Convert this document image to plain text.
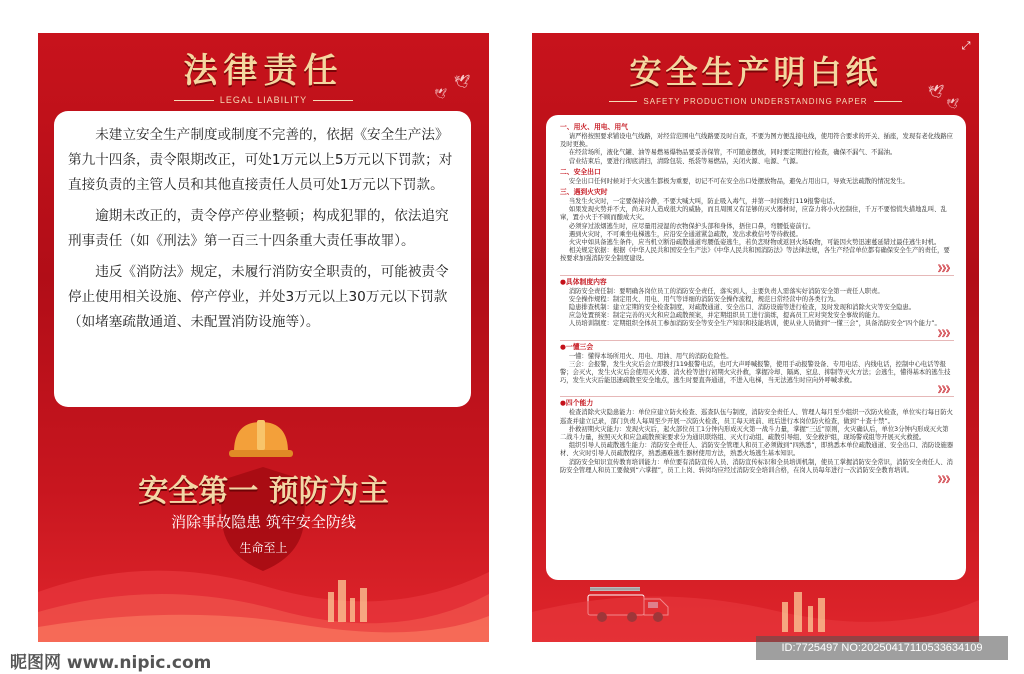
🕊
🕊
法律责任
LEGAL LIABILITY

未建立安全生产制度或制度不完善的，依据《安全生产法》第九十四条，责令限期改正，可处1万元以上5万元以下罚款；对直接负责的主管人员和其他直接责任人员可处1万元以下罚款。

逾期未改正的，责令停产停业整顿；构成犯罪的，依法追究刑事责任（如《刑法》第一百三十四条重大责任事故罪）。

违反《消防法》规定，未履行消防安全职责的，可能被责令停止使用相关设施、停产停业，并处3万元以上30万元以下罚款（如堵塞疏散通道、未配置消防设施等）。

安全第一 预防为主
消除事故隐患 筑牢安全防线
生命至上
⤢
🕊
🕊
安全生产明白纸
SAFETY PRODUCTION UNDERSTANDING PAPER
一、用火、用电、用气

请严格按照要求铺设电气线路，对经营范围电气线路要及时自查，不要为图方便乱接电线，使用符合要求的开关、插座，发现有老化线路应及时更换。

在经营场所，液化气罐、油等易燃易爆物品要妥善保管，不可随意摆放，同时要定期进行检查，确保不漏气、不漏油。

营业结束后，要进行彻底清扫，清除包装、纸袋等易燃品，关闭火源、电源、气源。

二、安全出口

安全出口任何时候对于火灾逃生都极为重要，切记不可在安全出口处摆放物品，避免占用出口，导致无法疏散的情况发生。

三、遇到火灾时

当发生火灾时，一定要保持冷静，不要大喊大叫，防止吸入毒气，并第一时间拨打119报警电话。

如果发现火势并不大，尚未对人造成很大的威胁，而且周围又有足够的灭火器材时，应奋力将小火控制住，千万不要惊慌失措地乱叫、乱窜，置小火于不顾而酿成大灾。

必须穿过浓烟逃生时，应尽量用浸湿的衣物保护头部和身体，捂住口鼻，弯腰低姿前行。

遇到火灾时，不可乘坐电梯逃生，应沿安全通道紧急疏散，发出求救信号等待救援。

火灾中如具备逃生条件，应当机立断沿疏散通道弯腰低姿逃生，若负恋财物或返回火场取物，可能因火势迅速蔓延错过最佳逃生时机。

相关规定依据：根据《中华人民共和国安全生产法》《中华人民共和国消防法》等法律法规，各生产经营单位都有确保安全生产的责任，要按要求加强消防安全制度建设。

》》》
●具体制度内容

消防安全责任制：要明确各岗位员工的消防安全责任，落实到人，主要负责人需落实好消防安全第一责任人职责。

安全操作规程：制定用火、用电、用气等详细的消防安全操作流程，规范日常经营中的各类行为。

隐患排查机制：建立定期的安全检查制度，对疏散通道、安全出口、消防设施等进行检查，及时发现和消除火灾等安全隐患。

应急处置预案：制定完善的灭火和应急疏散预案，并定期组织员工进行演练，提高员工应对突发安全事故的能力。

人员培训制度：定期组织全体员工参加消防安全等安全生产知识和技能培训，使从业人员做到“一懂三会”，具备消防安全“四个能力”。

》》》
●一懂三会

一懂：懂得本场所用火、用电、用油、用气的消防危险性。

三会：会报警，发生火灾后会立即拨打119报警电话，也可大声呼喊报警，使用手动报警设备、专用电话、内线电话，控制中心电话等报警；会灭火，发生火灾后会使用灭火器、消火栓等进行初期火灾扑救，掌握冷却、隔离、窒息、抑制等灭火方法；会逃生，懂得基本的逃生技巧，发生火灾后能迅速疏散至安全地点，逃生时要直奔通道，不进入电梯，当无法逃生时应向外呼喊求救。

》》》
●四个能力

检查消除火灾隐患能力：单位应建立防火检查、巡查队伍与制度，消防安全责任人、管理人每月至少组织一次防火检查，单位实行每日防火巡查并建立记录，部门负责人每周至少开展一次防火检查，员工每天班前、班后进行本岗位防火检查，做到“十查十禁”。

扑救初期火灾能力：发现火灾后，起火部位员工1分钟内形成灭火第一战斗力量，掌握“三近”原则，火灾确认后，单位3分钟内形成灭火第二战斗力量，按照灭火和应急疏散预案要求分为通讯联络组、灭火行动组、疏散引导组、安全救护组，现场警戒组等开展灭火救援。

组织引导人员疏散逃生能力：消防安全责任人、消防安全管理人和员工必须做到“四熟悉”，即熟悉本单位疏散通道、安全出口、消防设施器材、火灾时引导人员疏散程序，熟悉遇难逃生器材使用方法，熟悉火场逃生基本知识。

消防安全知识宣传教育培训能力：单位要有消防宣传人员、消防宣传标识和全员培训机制，使员工掌握消防安全常识，消防安全责任人、消防安全管理人和员工要做到“六掌握”，员工上岗、转岗均应经过消防安全培训合格，在岗人员每年进行一次消防安全教育培训。

》》》
昵图网 www.nipic.com
ID:7725497 NO:20250417110533634109
